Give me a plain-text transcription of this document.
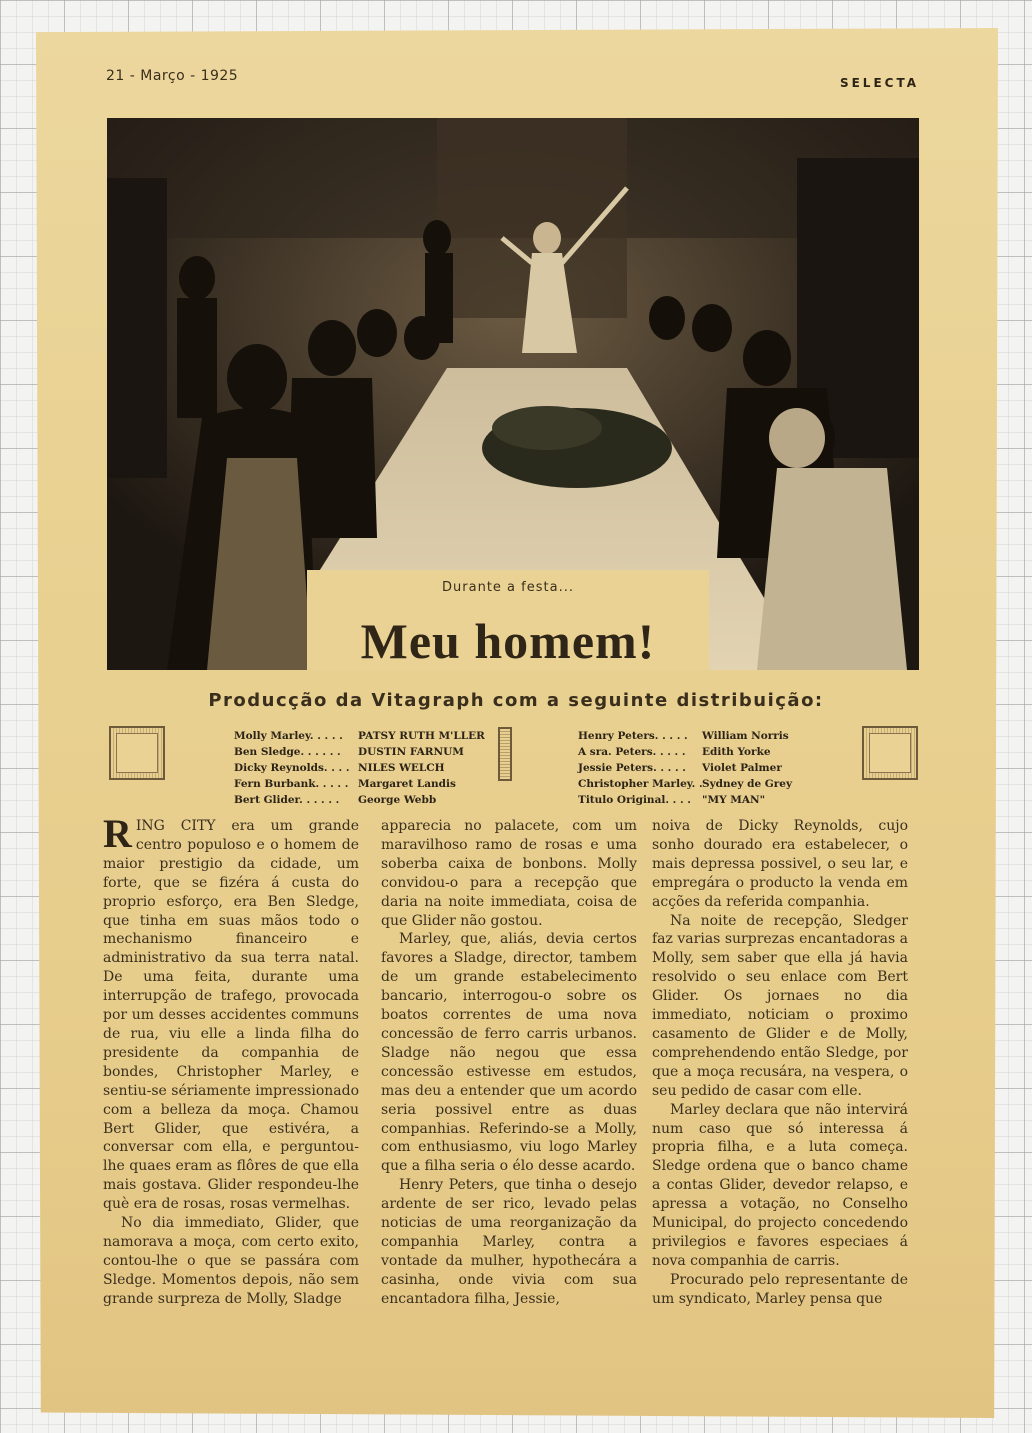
21 - Março - 1925	SELECTA
Durante a festa...
Meu homem!
Producção da Vitagraph com a seguinte distribuição:
Molly Marley. . . . .	PATSY RUTH M'LLER
Ben Sledge. . . . . .	DUSTIN FARNUM
Dicky Reynolds. . . . NILES WELCH
Fern Burbank. . . . . Margaret Landis
Bert Glider. . . . . .	George Webb
Henry Peters. . . . .	William Norris
A sra. Peters. . . . .	Edith Yorke
Jessie Peters. . . . .	Violet Palmer
Christopher Marley. . Sydney de Grey
Titulo Original. . . .	"MY MAN"

RING CITY era um grande centro populoso e o homem de maior prestigio da cidade, um forte, que se fizéra á custa do proprio esforço, era Ben Sledge, que tinha em suas mãos todo o mechanismo financeiro e administrativo da sua terra natal. De uma feita, durante uma interrupção de trafego, provocada por um desses accidentes communs de rua, viu elle a linda filha do presidente da companhia de bondes, Christopher Marley, e sentiu-se sériamente impressionado com a belleza da moça. Chamou Bert Glider, que estivéra, a conversar com ella, e perguntou-lhe quaes eram as flôres de que ella mais gostava. Glider respondeu-lhe què era de rosas, rosas vermelhas.

No dia immediato, Glider, que namorava a moça, com certo exito, contou-lhe o que se passára com Sledge. Momentos depois, não sem grande surpreza de Molly, Sladge

apparecia no palacete, com um maravilhoso ramo de rosas e uma soberba caixa de bonbons. Molly convidou-o para a recepção que daria na noite immediata, coisa de que Glider não gostou.

Marley, que, aliás, devia certos favores a Sladge, director, tambem de um grande estabelecimento bancario, interrogou-o sobre os boatos correntes de uma nova concessão de ferro carris urbanos. Sladge não negou que essa concessão estivesse em estudos, mas deu a entender que um acordo seria possivel entre as duas companhias. Referindo-se a Molly, com enthusiasmo, viu logo Marley que a filha seria o élo desse acardo.

Henry Peters, que tinha o desejo ardente de ser rico, levado pelas noticias de uma reorganização da companhia Marley, contra a vontade da mulher, hypothecára a casinha, onde vivia com sua encantadora filha, Jessie,

noiva de Dicky Reynolds, cujo sonho dourado era estabelecer, o mais depressa possivel, o seu lar, e empregára o producto la venda em acções da referida companhia.

Na noite de recepção, Sledger faz varias surprezas encantadoras a Molly, sem saber que ella já havia resolvido o seu enlace com Bert Glider. Os jornaes no dia immediato, noticiam o proximo casamento de Glider e de Molly, comprehendendo então Sledge, por que a moça recusára, na vespera, o seu pedido de casar com elle.

Marley declara que não intervirá num caso que só interessa á propria filha, e a luta começa. Sledge ordena que o banco chame a contas Glider, devedor relapso, e apressa a votação, no Conselho Municipal, do projecto concedendo privilegios e favores especiaes á nova companhia de carris.

Procurado pelo representante de um syndicato, Marley pensa que
